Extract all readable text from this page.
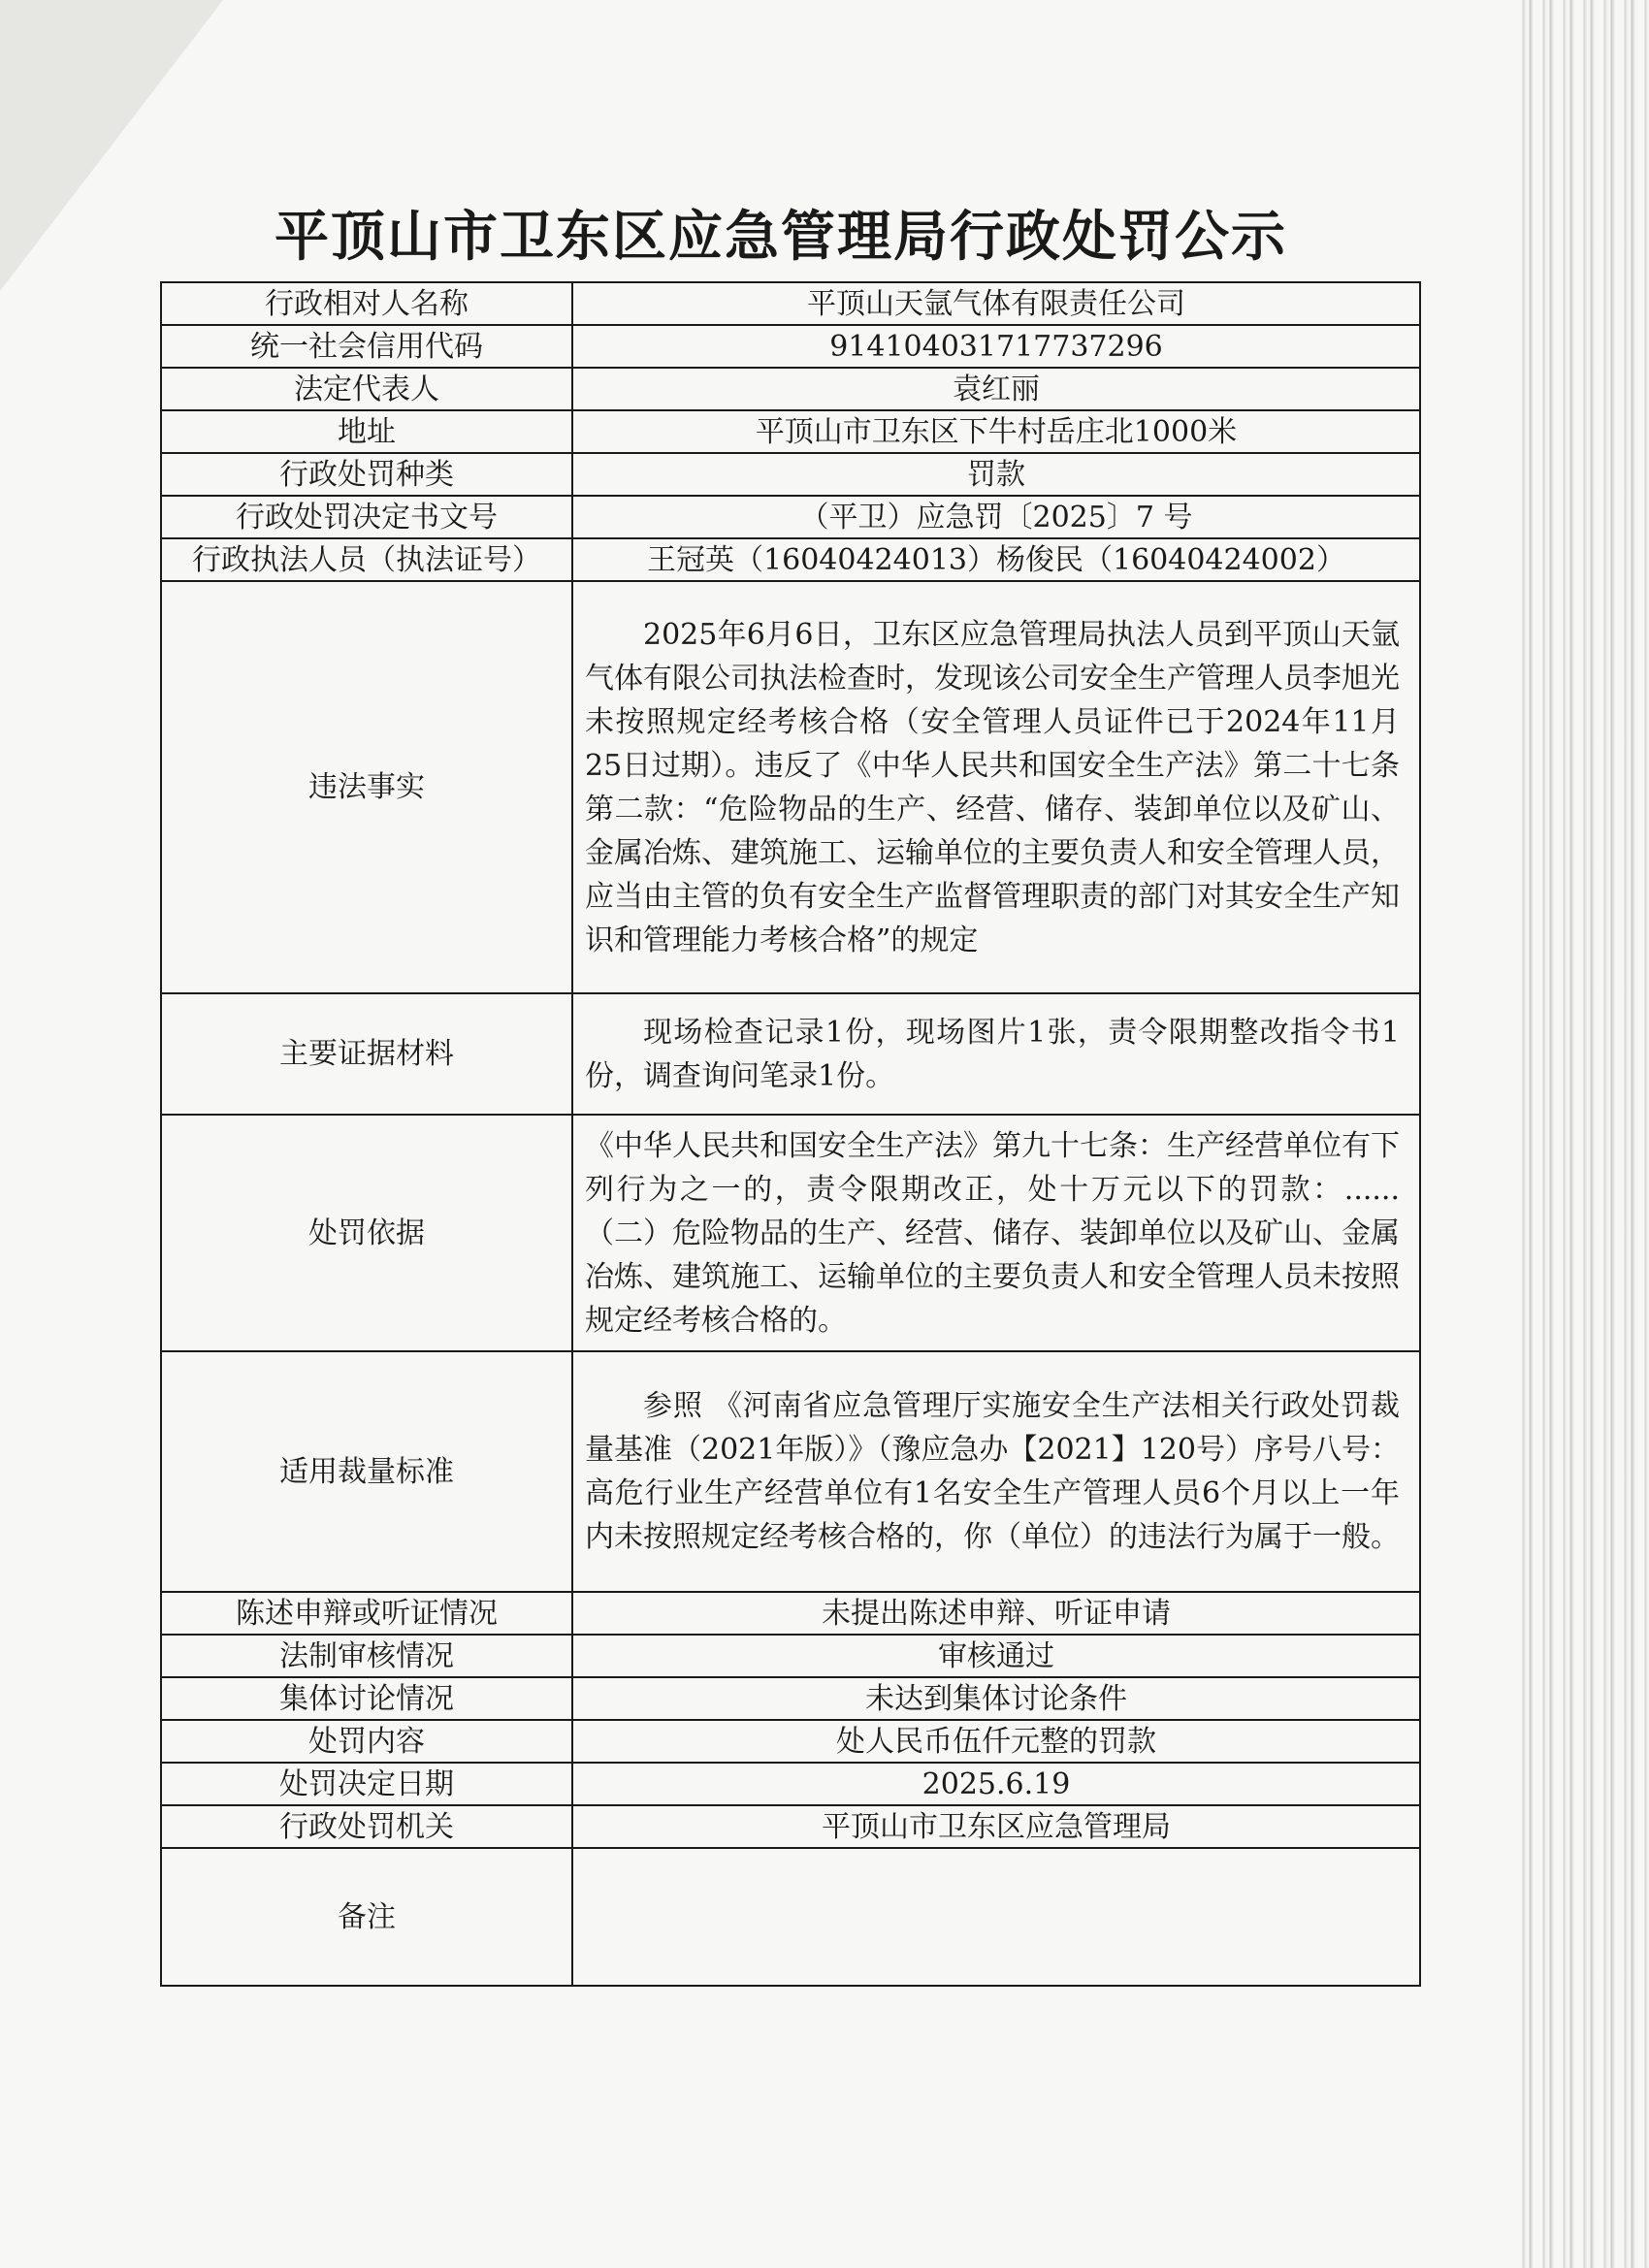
平顶山市卫东区应急管理局行政处罚公示
行政相对人名称	平顶山天氩气体有限责任公司
统一社会信用代码	914104031717737296
法定代表人	袁红丽
地址	平顶山市卫东区下牛村岳庄北1000米
行政处罚种类	罚款
行政处罚决定书文号	（平卫）应急罚〔2025〕7 号
行政执法人员（执法证号）	王冠英（16040424013）杨俊民（16040424002）
违法事实	2025年6月6日，卫东区应急管理局执法人员到平顶山天氩气体有限公司执法检查时，发现该公司安全生产管理人员李旭光未按照规定经考核合格（安全管理人员证件已于2024年11月25日过期）。违反了《中华人民共和国安全生产法》第二十七条第二款：“危险物品的生产、经营、储存、装卸单位以及矿山、金属冶炼、建筑施工、运输单位的主要负责人和安全管理人员，应当由主管的负有安全生产监督管理职责的部门对其安全生产知识和管理能力考核合格”的规定

主要证据材料	现场检查记录1份，现场图片1张，责令限期整改指令书1份，调查询问笔录1份。

处罚依据	《中华人民共和国安全生产法》第九十七条：生产经营单位有下列行为之一的，责令限期改正，处十万元以下的罚款：......（二）危险物品的生产、经营、储存、装卸单位以及矿山、金属冶炼、建筑施工、运输单位的主要负责人和安全管理人员未按照规定经考核合格的。
适用裁量标准	参照 《河南省应急管理厅实施安全生产法相关行政处罚裁量基准（2021年版）》（豫应急办【2021】120号）序号八号：高危行业生产经营单位有1名安全生产管理人员6个月以上一年内未按照规定经考核合格的，你（单位）的违法行为属于一般。

陈述申辩或听证情况	未提出陈述申辩、听证申请
法制审核情况	审核通过
集体讨论情况	未达到集体讨论条件
处罚内容	处人民币伍仟元整的罚款
处罚决定日期	2025.6.19
行政处罚机关	平顶山市卫东区应急管理局
备注	
